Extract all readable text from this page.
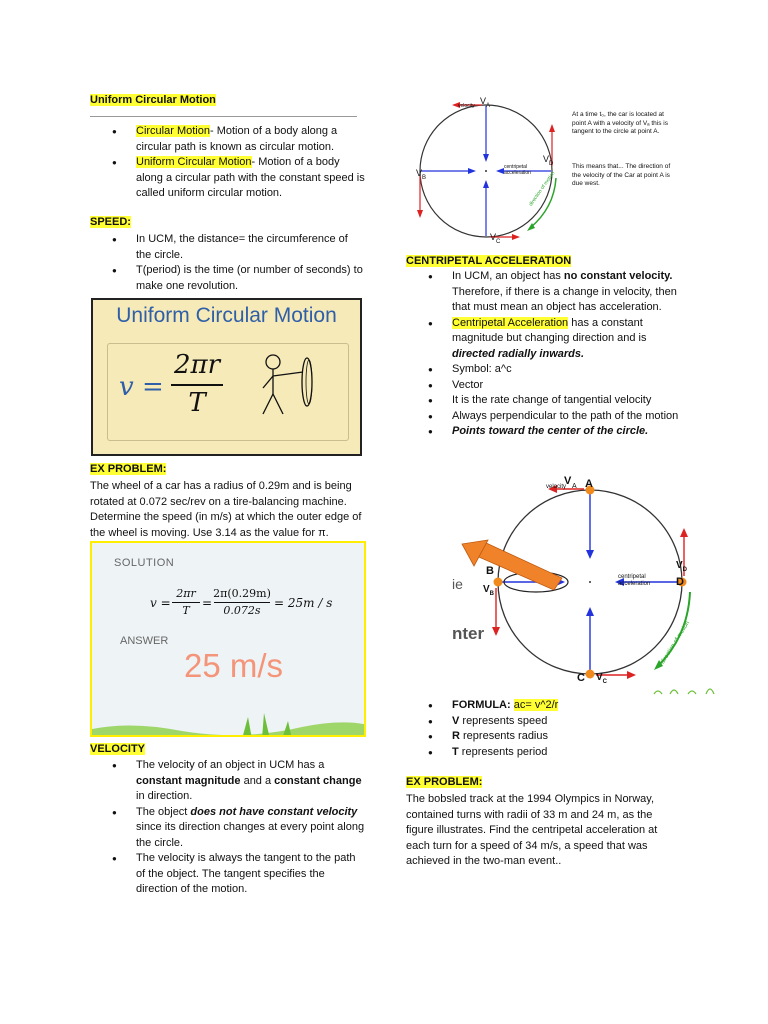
Uniform Circular Motion
● Circular Motion- Motion of a body along a circular path is known as circular motion.
● Uniform Circular Motion- Motion of a body along a circular path with the constant speed is called uniform circular motion.
SPEED:
● In UCM, the distance= the circumference of the circle.
● T(period) is the time (or number of seconds) to make one revolution.
Uniform Circular Motion
v =
2πr
T
EX PROBLEM:
The wheel of a car has a radius of 0.29m and is being rotated at 0.072 sec/rev on a tire-balancing machine. Determine the speed (in m/s) at which the outer edge of the wheel is moving. Use 3.14 as the value for π.
SOLUTION
v =
2πr
T
=
2π(0.29m)
0.072s
= 25m / s
ANSWER
25 m/s
VELOCITY
● The velocity of an object in UCM has a constant magnitude and a constant change in direction.
● The object does not have constant velocity since its direction changes at every point along the circle.
● The velocity is always the tangent to the path of the object. The tangent specifies the direction of the motion.
velocity $V_A$
$V_B$
$V_C$
$V_D$
centripetal
acceleration
direction of motion
At a time t₀, the car is located at point A with a velocity of Vₐ this is tangent to the circle at point A.
This means that... The direction of the velocity of the Car at point A is due west.
CENTRIPETAL ACCELERATION
● In UCM, an object has no constant velocity. Therefore, if there is a change in velocity, then that must mean an object has acceleration.
● Centripetal Acceleration has a constant magnitude but changing direction and is directed radially inwards.
● Symbol: a^c
● Vector
● It is the rate change of tangential velocity
● Always perpendicular to the path of the motion
● Points toward the center of the circle.
velocity
V A A
B
$V_B$
C $V_C$
$V_D$
D
centripetal
acceleration
direction of motion
ie
nter
● FORMULA: ac= v^2/r
● V represents speed
● R represents radius
● T represents period
EX PROBLEM:
The bobsled track at the 1994 Olympics in Norway, contained turns with radii of 33 m and 24 m, as the figure illustrates. Find the centripetal acceleration at each turn for a speed of 34 m/s, a speed that was achieved in the two-man event..
